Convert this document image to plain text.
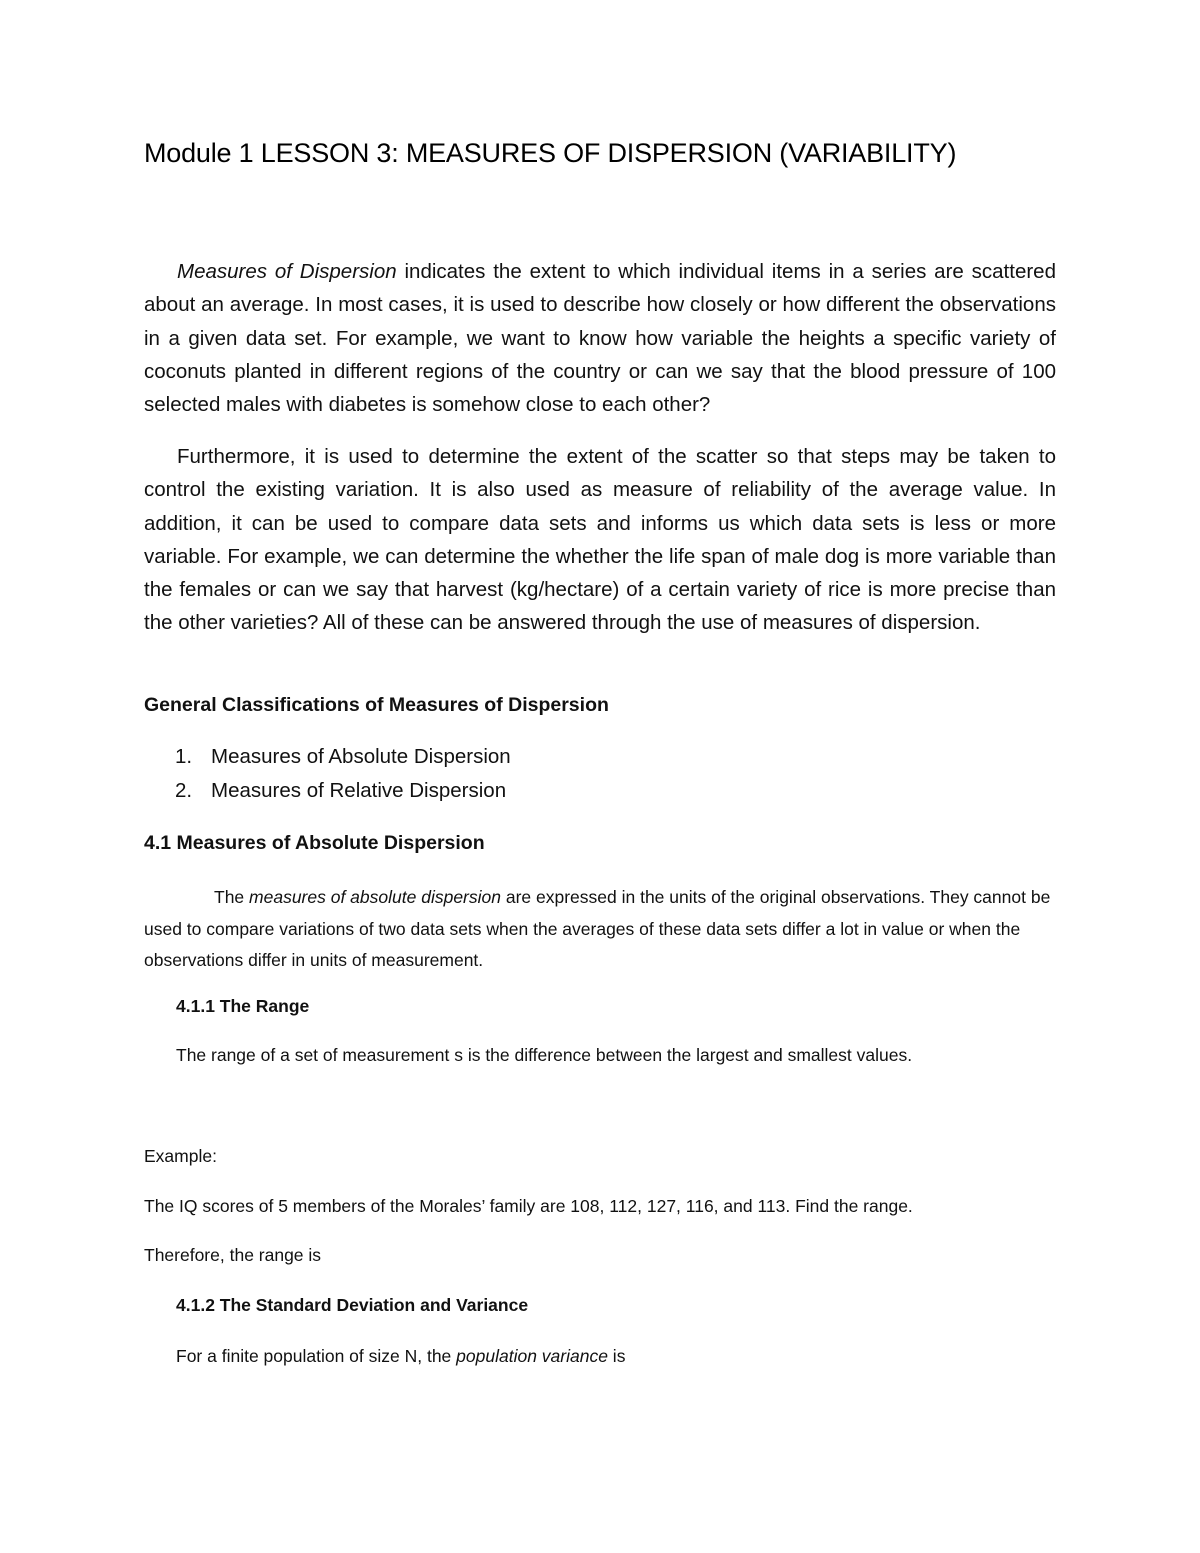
Module 1 LESSON 3: MEASURES OF DISPERSION (VARIABILITY)

Measures of Dispersion indicates the extent to which individual items in a series are scattered about an average. In most cases, it is used to describe how closely or how different the observations in a given data set. For example, we want to know how variable the heights a specific variety of coconuts planted in different regions of the country or can we say that the blood pressure of 100 selected males with diabetes is somehow close to each other?

Furthermore, it is used to determine the extent of the scatter so that steps may be taken to control the existing variation. It is also used as measure of reliability of the average value. In addition, it can be used to compare data sets and informs us which data sets is less or more variable. For example, we can determine the whether the life span of male dog is more variable than the females or can we say that harvest (kg/hectare) of a certain variety of rice is more precise than the other varieties? All of these can be answered through the use of measures of dispersion.

General Classifications of Measures of Dispersion
1. Measures of Absolute Dispersion
2. Measures of Relative Dispersion
4.1 Measures of Absolute Dispersion

The measures of absolute dispersion are expressed in the units of the original observations. They cannot be used to compare variations of two data sets when the averages of these data sets differ a lot in value or when the observations differ in units of measurement.

4.1.1 The Range
The range of a set of measurement s is the difference between the largest and smallest values.
Example:
The IQ scores of 5 members of the Morales’ family are 108, 112, 127, 116, and 113. Find the range.
Therefore, the range is
4.1.2 The Standard Deviation and Variance
For a finite population of size N, the population variance is
